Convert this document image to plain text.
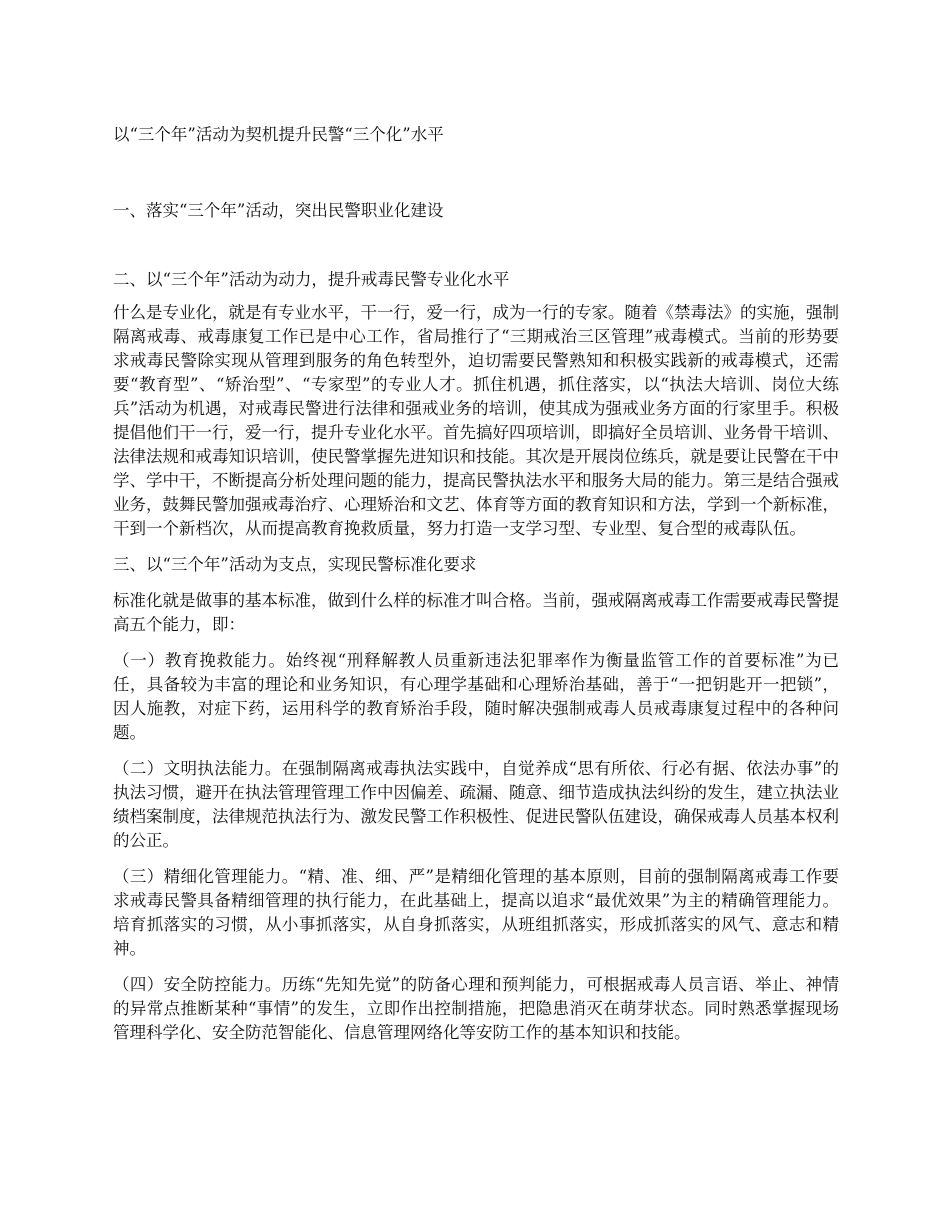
以“三个年”活动为契机提升民警“三个化”水平
一、落实“三个年”活动，突出民警职业化建设
二、以“三个年”活动为动力，提升戒毒民警专业化水平

什么是专业化，就是有专业水平，干一行，爱一行，成为一行的专家。随着《禁毒法》的实施，强制隔离戒毒、戒毒康复工作已是中心工作，省局推行了“三期戒治三区管理”戒毒模式。当前的形势要求戒毒民警除实现从管理到服务的角色转型外，迫切需要民警熟知和积极实践新的戒毒模式，还需要“教育型”、“矫治型”、“专家型”的专业人才。抓住机遇，抓住落实，以“执法大培训、岗位大练兵”活动为机遇，对戒毒民警进行法律和强戒业务的培训，使其成为强戒业务方面的行家里手。积极提倡他们干一行，爱一行，提升专业化水平。首先搞好四项培训，即搞好全员培训、业务骨干培训、法律法规和戒毒知识培训，使民警掌握先进知识和技能。其次是开展岗位练兵，就是要让民警在干中学、学中干，不断提高分析处理问题的能力，提高民警执法水平和服务大局的能力。第三是结合强戒业务，鼓舞民警加强戒毒治疗、心理矫治和文艺、体育等方面的教育知识和方法，学到一个新标准，干到一个新档次，从而提高教育挽救质量，努力打造一支学习型、专业型、复合型的戒毒队伍。

三、以“三个年”活动为支点，实现民警标准化要求

标准化就是做事的基本标准，做到什么样的标准才叫合格。当前，强戒隔离戒毒工作需要戒毒民警提高五个能力，即：

（一）教育挽救能力。始终视“刑释解教人员重新违法犯罪率作为衡量监管工作的首要标准”为已任，具备较为丰富的理论和业务知识，有心理学基础和心理矫治基础，善于“一把钥匙开一把锁”，因人施教，对症下药，运用科学的教育矫治手段，随时解决强制戒毒人员戒毒康复过程中的各种问题。

（二）文明执法能力。在强制隔离戒毒执法实践中，自觉养成“思有所依、行必有据、依法办事”的执法习惯，避开在执法管理管理工作中因偏差、疏漏、随意、细节造成执法纠纷的发生，建立执法业绩档案制度，法律规范执法行为、激发民警工作积极性、促进民警队伍建设，确保戒毒人员基本权利的公正。

（三）精细化管理能力。“精、准、细、严”是精细化管理的基本原则，目前的强制隔离戒毒工作要求戒毒民警具备精细管理的执行能力，在此基础上，提高以追求“最优效果”为主的精确管理能力。培育抓落实的习惯，从小事抓落实，从自身抓落实，从班组抓落实，形成抓落实的风气、意志和精神。

（四）安全防控能力。历练“先知先觉”的防备心理和预判能力，可根据戒毒人员言语、举止、神情的异常点推断某种“事情”的发生，立即作出控制措施，把隐患消灭在萌芽状态。同时熟悉掌握现场管理科学化、安全防范智能化、信息管理网络化等安防工作的基本知识和技能。
